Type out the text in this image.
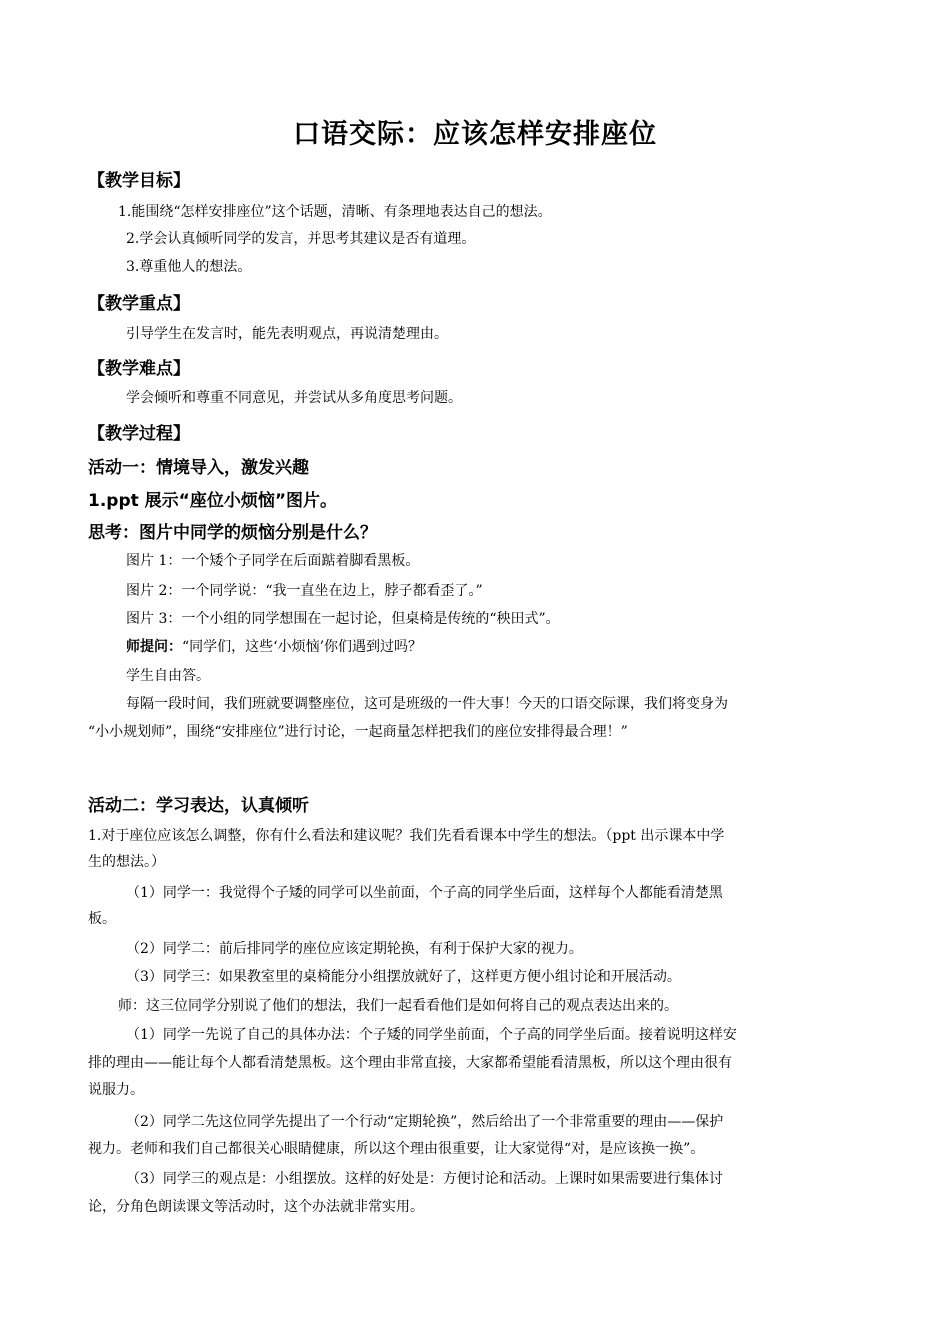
口语交际：应该怎样安排座位
【教学目标】
1.能围绕“怎样安排座位”这个话题，清晰、有条理地表达自己的想法。
2.学会认真倾听同学的发言，并思考其建议是否有道理。
3.尊重他人的想法。
【教学重点】
引导学生在发言时，能先表明观点，再说清楚理由。
【教学难点】
学会倾听和尊重不同意见，并尝试从多角度思考问题。
【教学过程】
活动一：情境导入，激发兴趣
1.ppt 展示“座位小烦恼”图片。
思考：图片中同学的烦恼分别是什么？
图片 1：一个矮个子同学在后面踮着脚看黑板。
图片 2：一个同学说：“我一直坐在边上，脖子都看歪了。”
图片 3：一个小组的同学想围在一起讨论，但桌椅是传统的“秧田式”。
师提问：“同学们，这些‘小烦恼’你们遇到过吗？
学生自由答。
每隔一段时间，我们班就要调整座位，这可是班级的一件大事！今天的口语交际课，我们将变身为
“小小规划师”，围绕“安排座位”进行讨论，一起商量怎样把我们的座位安排得最合理！”
活动二：学习表达，认真倾听
1.对于座位应该怎么调整，你有什么看法和建议呢？我们先看看课本中学生的想法。（ppt 出示课本中学
生的想法。）
（1）同学一：我觉得个子矮的同学可以坐前面，个子高的同学坐后面，这样每个人都能看清楚黑
板。
（2）同学二：前后排同学的座位应该定期轮换，有利于保护大家的视力。
（3）同学三：如果教室里的桌椅能分小组摆放就好了，这样更方便小组讨论和开展活动。
师：这三位同学分别说了他们的想法，我们一起看看他们是如何将自己的观点表达出来的。
（1）同学一先说了自己的具体办法：个子矮的同学坐前面，个子高的同学坐后面。接着说明这样安
排的理由——能让每个人都看清楚黑板。这个理由非常直接，大家都希望能看清黑板，所以这个理由很有
说服力。
（2）同学二先这位同学先提出了一个行动“定期轮换”，然后给出了一个非常重要的理由——保护
视力。老师和我们自己都很关心眼睛健康，所以这个理由很重要，让大家觉得“对，是应该换一换”。
（3）同学三的观点是：小组摆放。这样的好处是：方便讨论和活动。上课时如果需要进行集体讨
论，分角色朗读课文等活动时，这个办法就非常实用。
